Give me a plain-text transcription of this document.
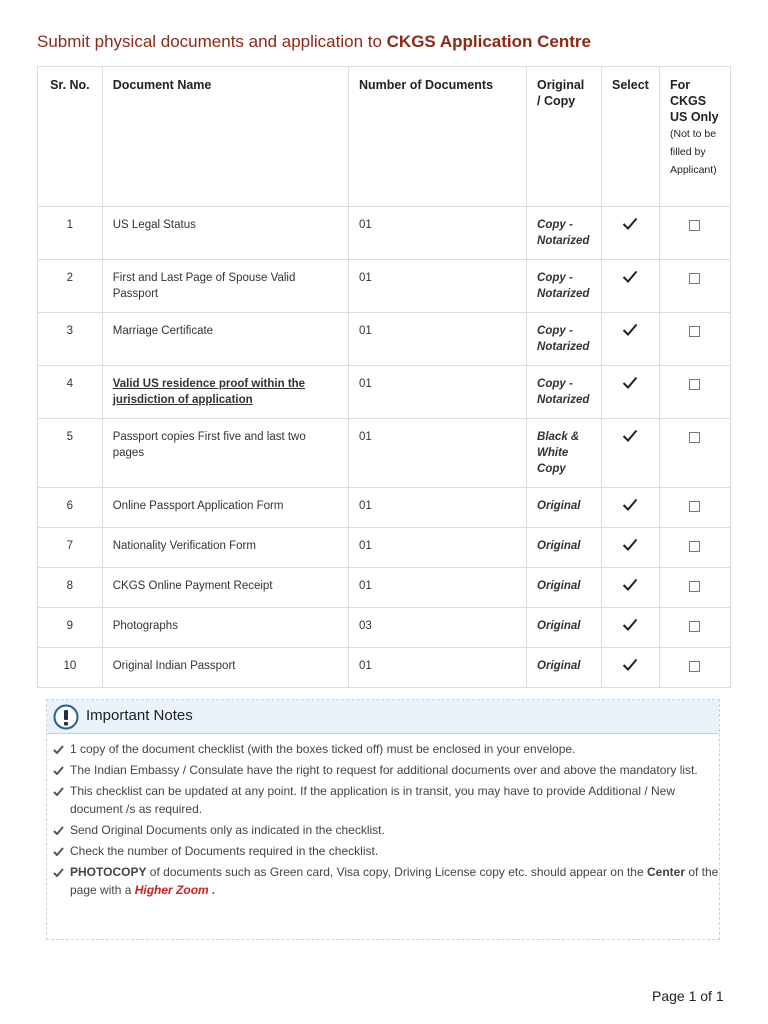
Submit physical documents and application to CKGS Application Centre
Sr. No.	Document Name	Number of Documents	Original / Copy	Select	For CKGS US Only
(Not to be filled by Applicant)

1	US Legal Status	01	Copy - Notarized		
2	First and Last Page of Spouse Valid Passport	01	Copy - Notarized		
3	Marriage Certificate	01	Copy - Notarized		
4	Valid US residence proof within the jurisdiction of application	01	Copy - Notarized		
5	Passport copies First five and last two pages	01	Black & White Copy		
6	Online Passport Application Form	01	Original		
7	Nationality Verification Form	01	Original		
8	CKGS Online Payment Receipt	01	Original		
9	Photographs	03	Original		
10	Original Indian Passport	01	Original		
Important Notes
1 copy of the document checklist (with the boxes ticked off) must be enclosed in your envelope.
The Indian Embassy / Consulate have the right to request for additional documents over and above the mandatory list.
This checklist can be updated at any point. If the application is in transit, you may have to provide Additional / New document /s as required.
Send Original Documents only as indicated in the checklist.
Check the number of Documents required in the checklist.
PHOTOCOPY of documents such as Green card, Visa copy, Driving License copy etc. should appear on the Center of the page with a Higher Zoom .
Page 1 of 1
